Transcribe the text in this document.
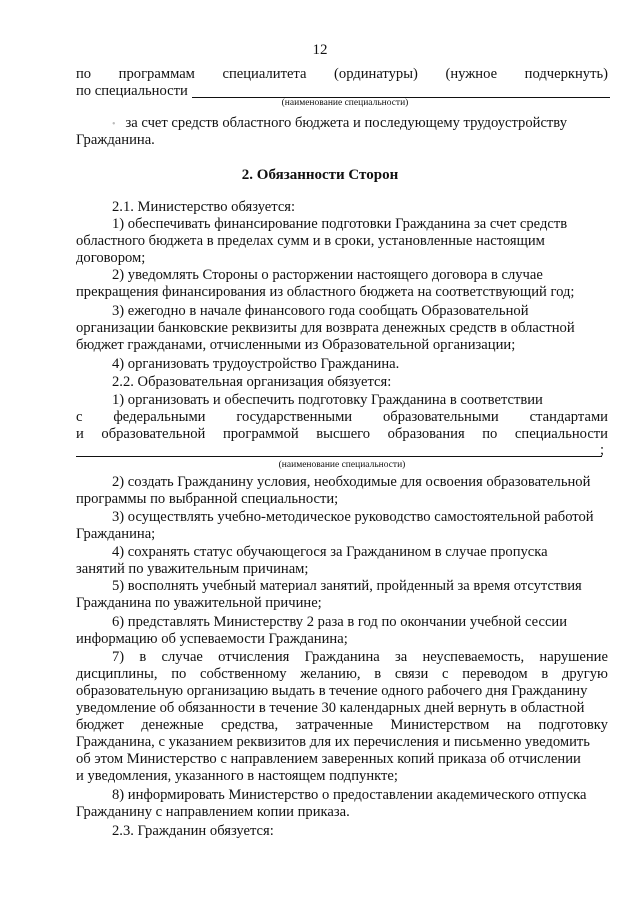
12
по программам специалитета (ординатуры) (нужное подчеркнуть)
по специальности
(наименование специальности)
• за счет средств областного бюджета и последующему трудоустройству
Гражданина.
2. Обязанности Сторон
2.1. Министерство обязуется:
1) обеспечивать финансирование подготовки Гражданина за счет средств
областного бюджета в пределах сумм и в сроки, установленные настоящим
договором;
2) уведомлять Стороны о расторжении настоящего договора в случае
прекращения финансирования из областного бюджета на соответствующий год;
3) ежегодно в начале финансового года сообщать Образовательной
организации банковские реквизиты для возврата денежных средств в областной
бюджет гражданами, отчисленными из Образовательной организации;
4) организовать трудоустройство Гражданина.
2.2. Образовательная организация обязуется:
1) организовать и обеспечить подготовку Гражданина в соответствии
с федеральными государственными образовательными стандартами
и образовательной программой высшего образования по специальности
;
(наименование специальности)
2) создать Гражданину условия, необходимые для освоения образовательной
программы по выбранной специальности;
3) осуществлять учебно-методическое руководство самостоятельной работой
Гражданина;
4) сохранять статус обучающегося за Гражданином в случае пропуска
занятий по уважительным причинам;
5) восполнять учебный материал занятий, пройденный за время отсутствия
Гражданина по уважительной причине;
6) представлять Министерству 2 раза в год по окончании учебной сессии
информацию об успеваемости Гражданина;
7) в случае отчисления Гражданина за неуспеваемость, нарушение
дисциплины, по собственному желанию, в связи с переводом в другую
образовательную организацию выдать в течение одного рабочего дня Гражданину
уведомление об обязанности в течение 30 календарных дней вернуть в областной
бюджет денежные средства, затраченные Министерством на подготовку
Гражданина, с указанием реквизитов для их перечисления и письменно уведомить
об этом Министерство с направлением заверенных копий приказа об отчислении
и уведомления, указанного в настоящем подпункте;
8) информировать Министерство о предоставлении академического отпуска
Гражданину с направлением копии приказа.
2.3. Гражданин обязуется:
